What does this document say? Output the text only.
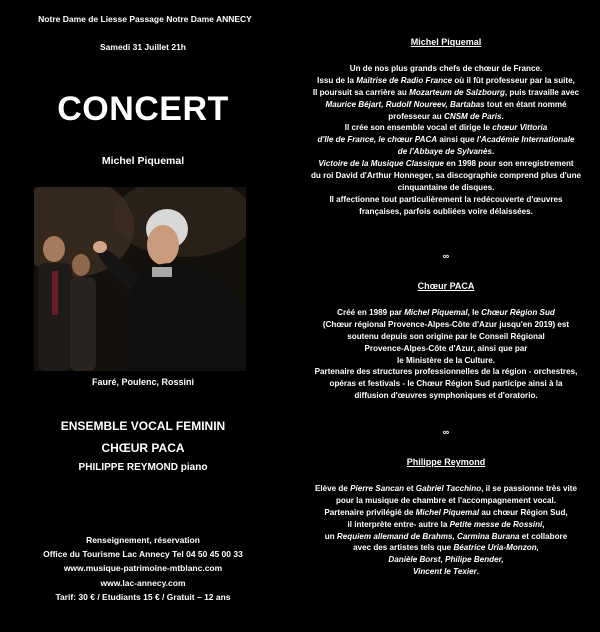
Notre Dame de Liesse Passage Notre Dame ANNECY
Samedi 31 Juillet 21h
CONCERT
Michel Piquemal
Fauré, Poulenc, Rossini
ENSEMBLE VOCAL FEMININ
CHŒUR PACA
PHILIPPE REYMOND piano
Renseignement, réservation
Office du Tourisme Lac Annecy Tel 04 50 45 00 33
www.musique-patrimoine-mtblanc.com
www.lac-annecy.com
Tarif: 30 € / Etudiants 15 € / Gratuit – 12 ans
Michel Piquemal
Un de nos plus grands chefs de chœur de France.
Issu de la Maîtrise de Radio France où il fût professeur par la suite,
Il poursuit sa carrière au Mozarteum de Salzbourg, puis travaille avec
Maurice Béjart, Rudolf Noureev, Bartabas tout en étant nommé
professeur au CNSM de Paris.
Il crée son ensemble vocal et dirige le chœur Vittoria
d'Ile de France, le chœur PACA ainsi que l'Académie Internationale
de l'Abbaye de Sylvanès.
Victoire de la Musique Classique en 1998 pour son enregistrement
du roi David d'Arthur Honneger, sa discographie comprend plus d'une
cinquantaine de disques.
Il affectionne tout particulièrement la redécouverte d'œuvres
françaises, parfois oubliées voire délaissées.
∞
Chœur PACA
Créé en 1989 par Michel Piquemal, le Chœur Région Sud
(Chœur régional Provence-Alpes-Côte d'Azur jusqu'en 2019) est
soutenu depuis son origine par le Conseil Régional
Provence-Alpes-Côte d'Azur, ainsi que par
le Ministère de la Culture.
Partenaire des structures professionnelles de la région - orchestres,
opéras et festivals - le Chœur Région Sud participe ainsi à la
diffusion d'œuvres symphoniques et d'oratorio.
∞
Philippe Reymond
Elève de Pierre Sancan et Gabriel Tacchino, il se passionne très vite
pour la musique de chambre et l'accompagnement vocal.
Partenaire privilégié de Michel Piquemal au chœur Région Sud,
il interprète entre- autre la Petite messe de Rossini,
un Requiem allemand de Brahms, Carmina Burana et collabore
avec des artistes tels que Béatrice Uria-Monzon,
Danièle Borst, Philipe Bender,
Vincent le Texier.
